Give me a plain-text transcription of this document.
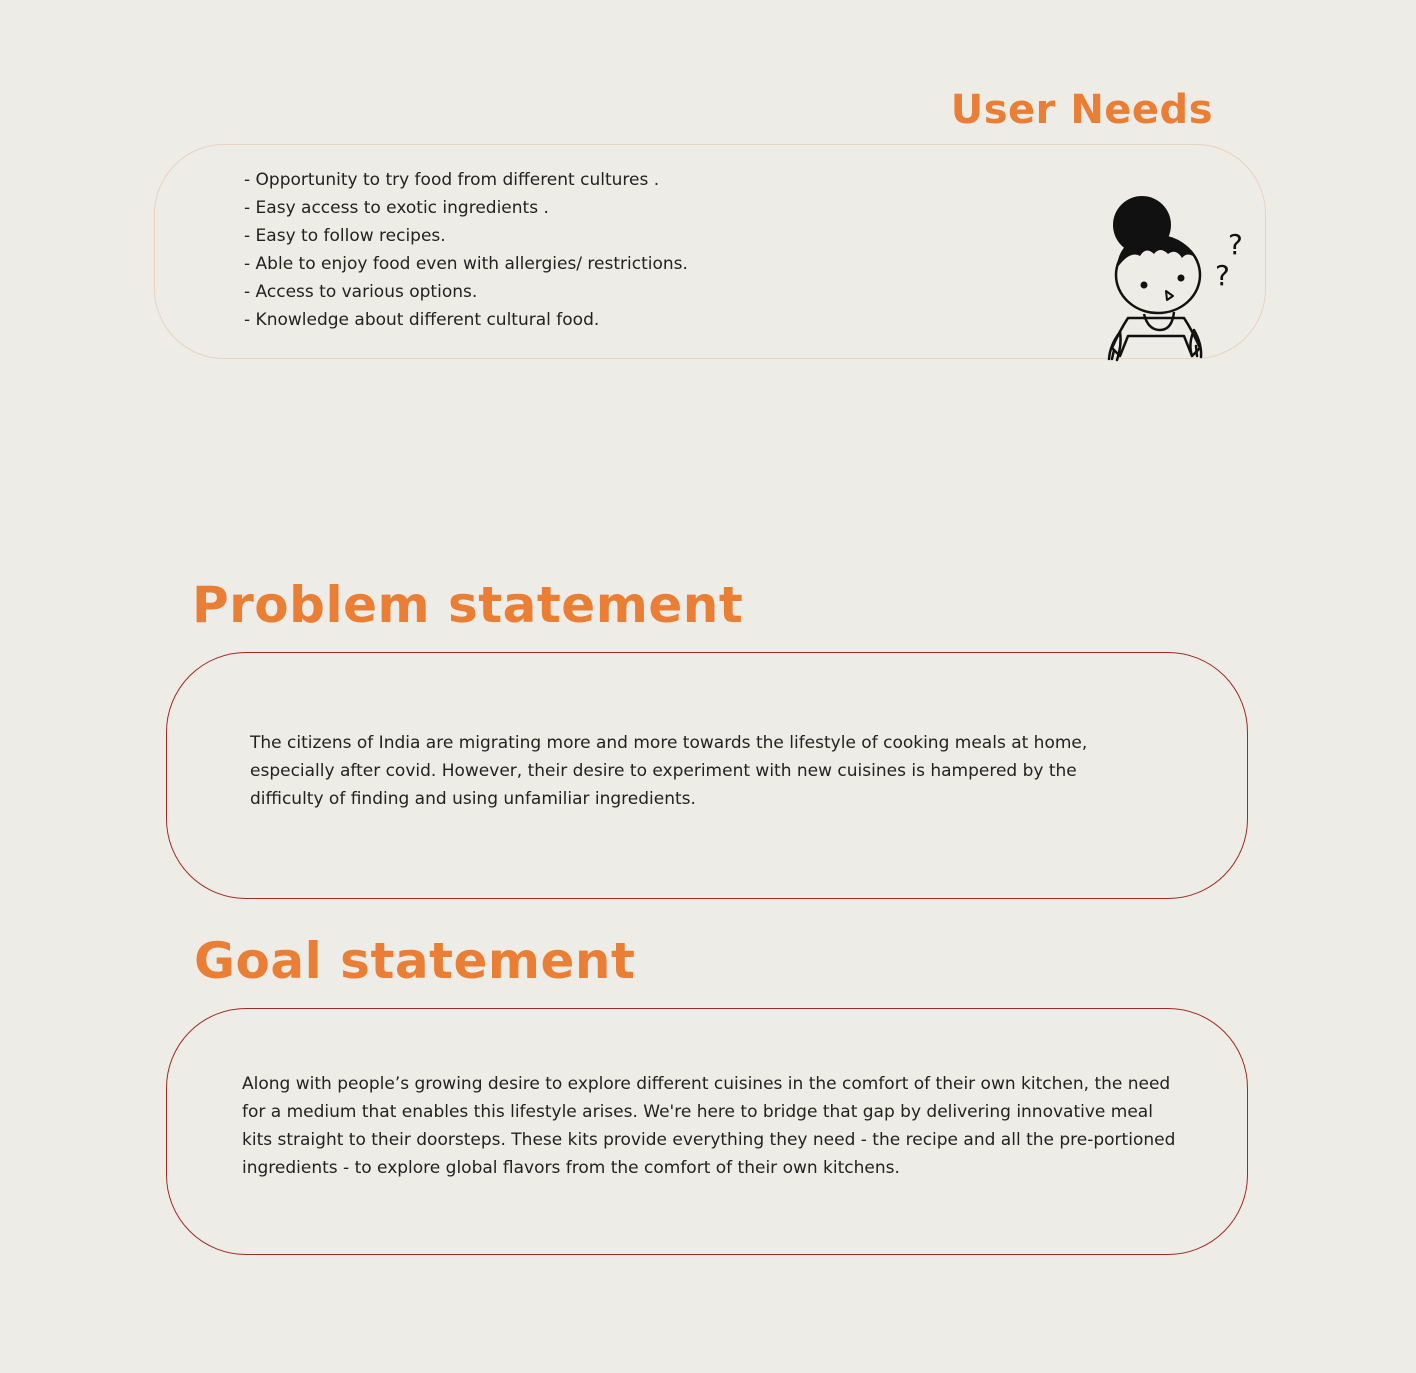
User Needs
- Opportunity to try food from different cultures .
- Easy access to exotic ingredients .
- Easy to follow recipes.
- Able to enjoy food even with allergies/ restrictions.
- Access to various options.
- Knowledge about different cultural food.
?
?
Problem statement

The citizens of India are migrating more and more towards the lifestyle of cooking meals at home, especially after covid. However, their desire to experiment with new cuisines is hampered by the difficulty of finding and using unfamiliar ingredients.

Goal statement

Along with people’s growing desire to explore different cuisines in the comfort of their own kitchen, the need for a medium that enables this lifestyle arises. We're here to bridge that gap by delivering innovative meal kits straight to their doorsteps. These kits provide everything they need - the recipe and all the pre-portioned ingredients - to explore global flavors from the comfort of their own kitchens.
